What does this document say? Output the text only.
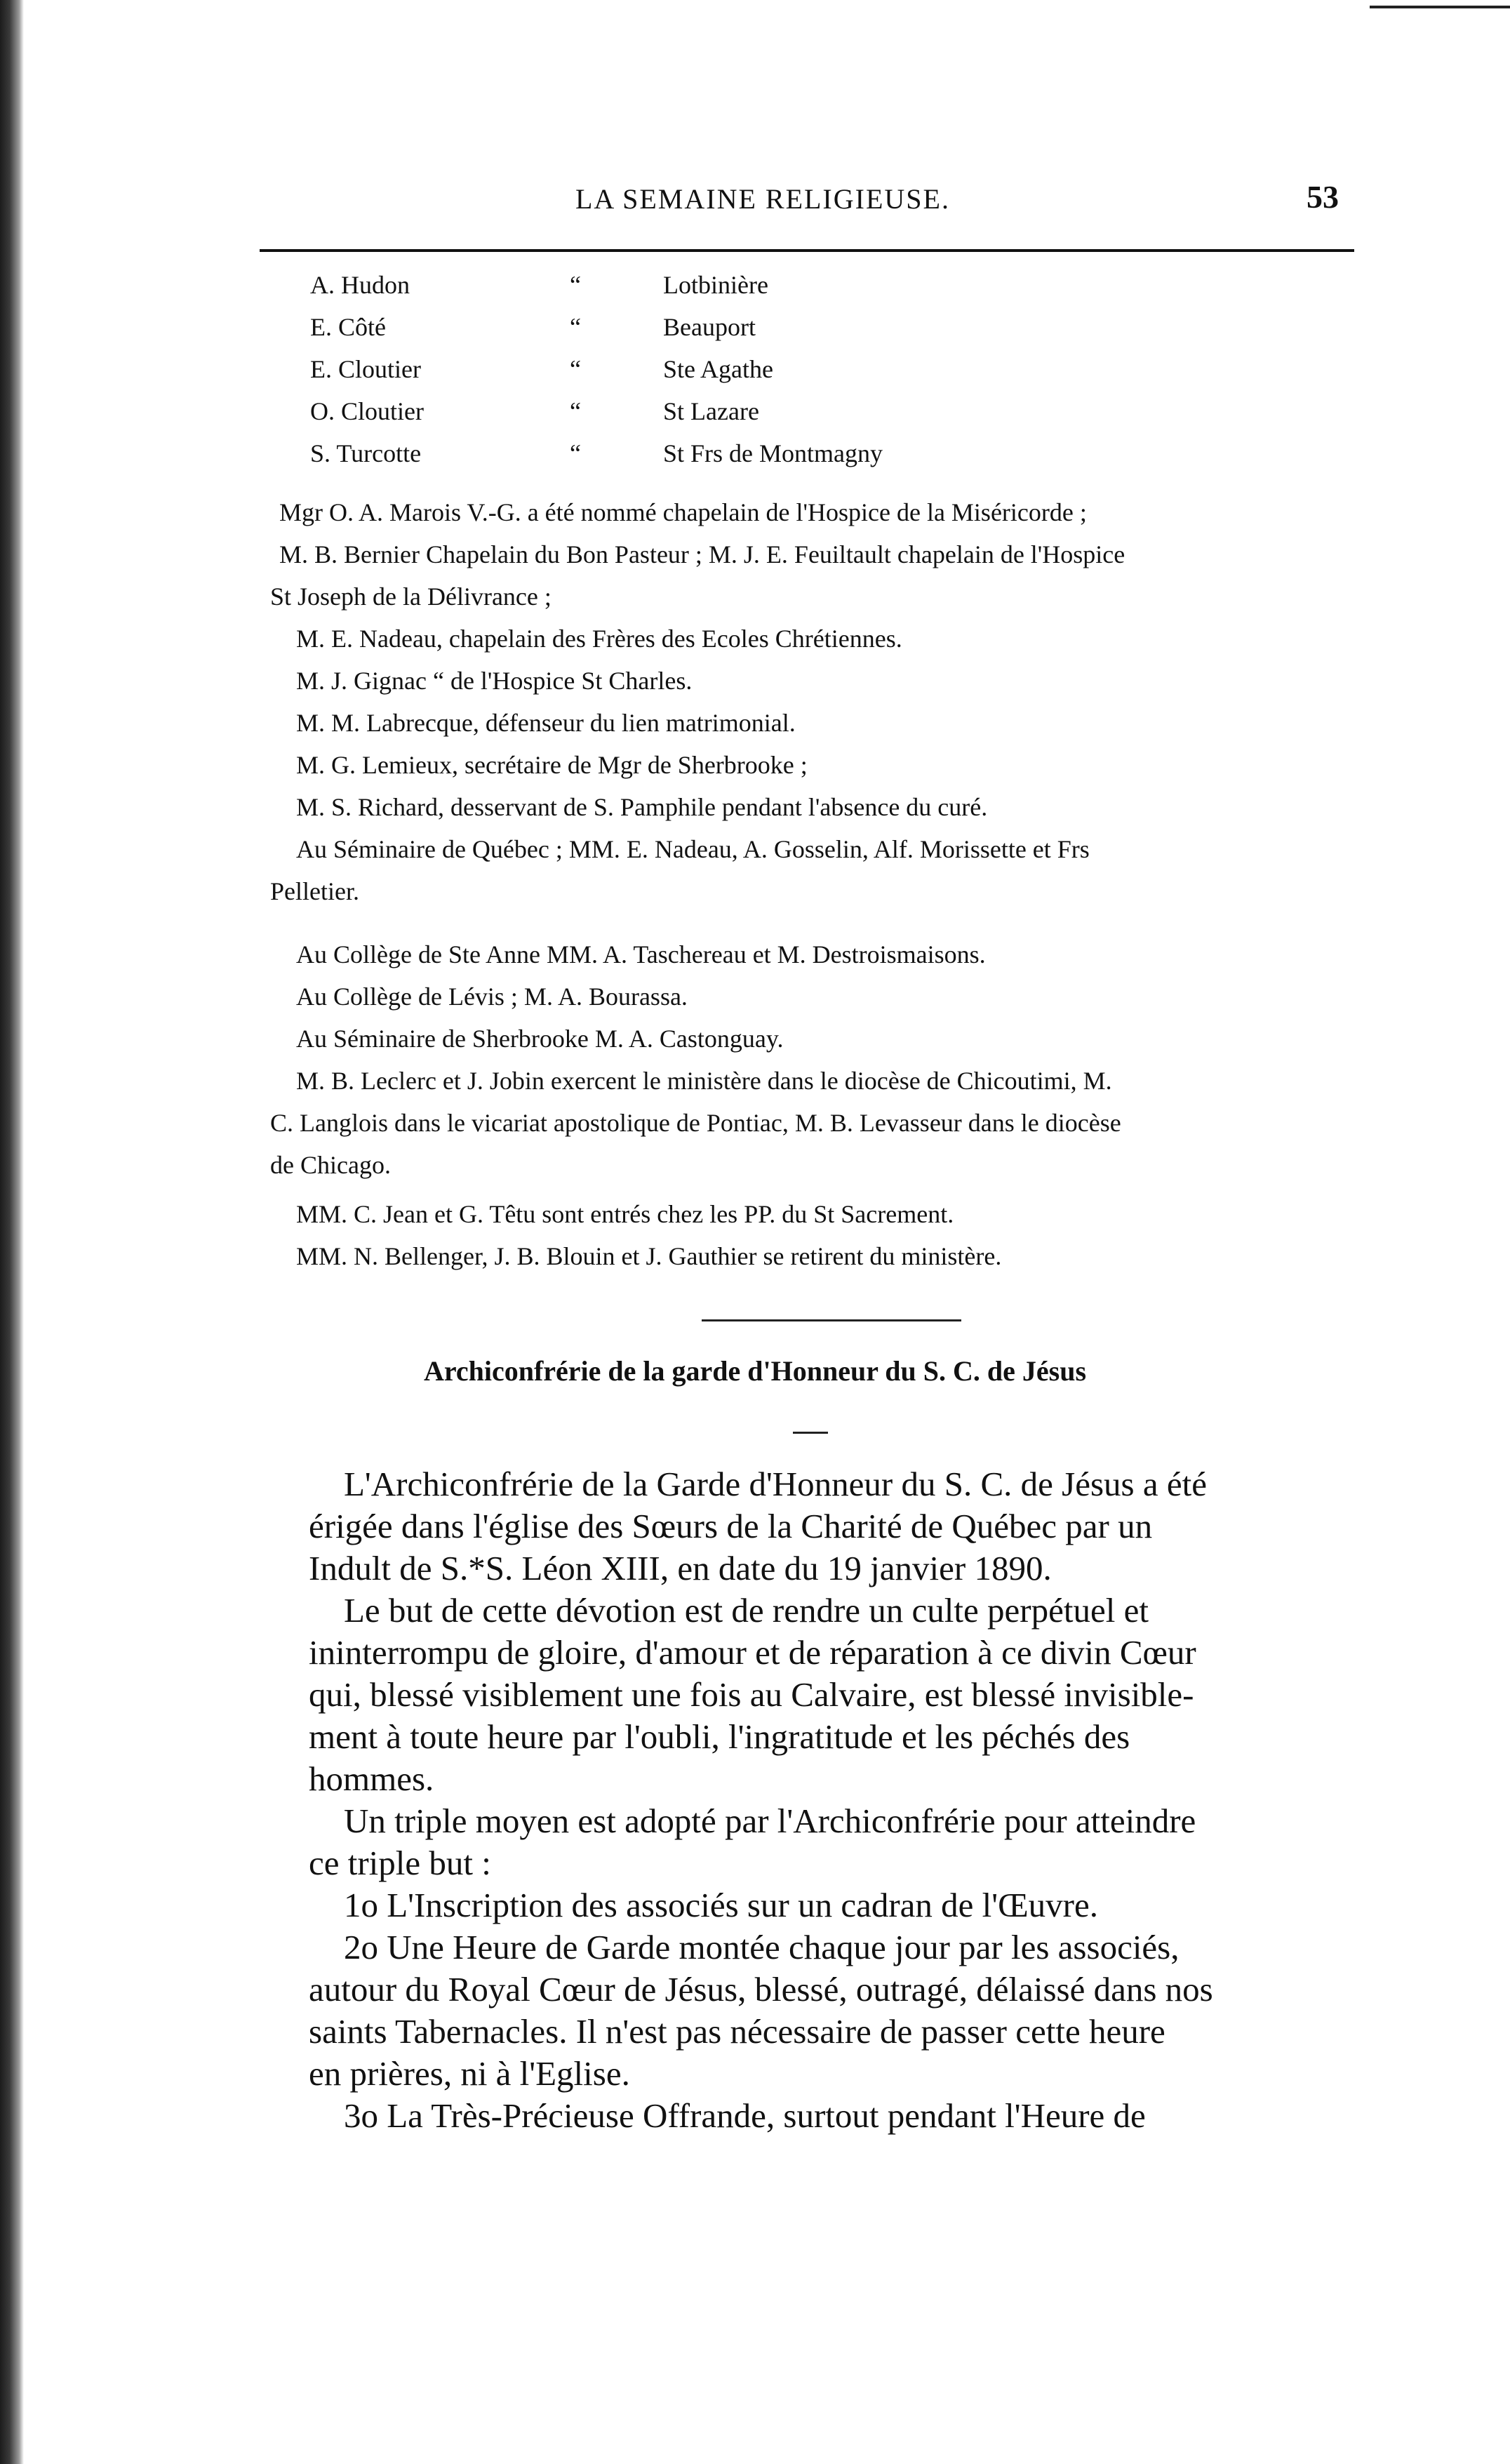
LA SEMAINE RELIGIEUSE.	53
A. Hudon	“	Lotbinière
E. Côté	“	Beauport
E. Cloutier	“	Ste Agathe
O. Cloutier	“	St Lazare
S. Turcotte	“	St Frs de Montmagny
Mgr O. A. Marois V.-G. a été nommé chapelain de l'Hospice de la Miséricorde ;
M. B. Bernier Chapelain du Bon Pasteur ; M. J. E. Feuiltault chapelain de l'Hospice
St Joseph de la Délivrance ;
M. E. Nadeau, chapelain des Frères des Ecoles Chrétiennes.
M. J. Gignac “ de l'Hospice St Charles.
M. M. Labrecque, défenseur du lien matrimonial.
M. G. Lemieux, secrétaire de Mgr de Sherbrooke ;
M. S. Richard, desservant de S. Pamphile pendant l'absence du curé.
Au Séminaire de Québec ; MM. E. Nadeau, A. Gosselin, Alf. Morissette et Frs
Pelletier.
Au Collège de Ste Anne MM. A. Taschereau et M. Destroismaisons.
Au Collège de Lévis ; M. A. Bourassa.
Au Séminaire de Sherbrooke M. A. Castonguay.
M. B. Leclerc et J. Jobin exercent le ministère dans le diocèse de Chicoutimi, M.
C. Langlois dans le vicariat apostolique de Pontiac, M. B. Levasseur dans le diocèse
de Chicago.
MM. C. Jean et G. Têtu sont entrés chez les PP. du St Sacrement.
MM. N. Bellenger, J. B. Blouin et J. Gauthier se retirent du ministère.
Archiconfrérie de la garde d'Honneur du S. C. de Jésus

L'Archiconfrérie de la Garde d'Honneur du S. C. de Jésus a été

érigée dans l'église des Sœurs de la Charité de Québec par un

Indult de S.*S. Léon XIII, en date du 19 janvier 1890.

Le but de cette dévotion est de rendre un culte perpétuel et

ininterrompu de gloire, d'amour et de réparation à ce divin Cœur

qui, blessé visiblement une fois au Calvaire, est blessé invisible-

ment à toute heure par l'oubli, l'ingratitude et les péchés des

hommes.

Un triple moyen est adopté par l'Archiconfrérie pour atteindre

ce triple but :

1o L'Inscription des associés sur un cadran de l'Œuvre.

2o Une Heure de Garde montée chaque jour par les associés,

autour du Royal Cœur de Jésus, blessé, outragé, délaissé dans nos

saints Tabernacles. Il n'est pas nécessaire de passer cette heure

en prières, ni à l'Eglise.

3o La Très-Précieuse Offrande, surtout pendant l'Heure de
